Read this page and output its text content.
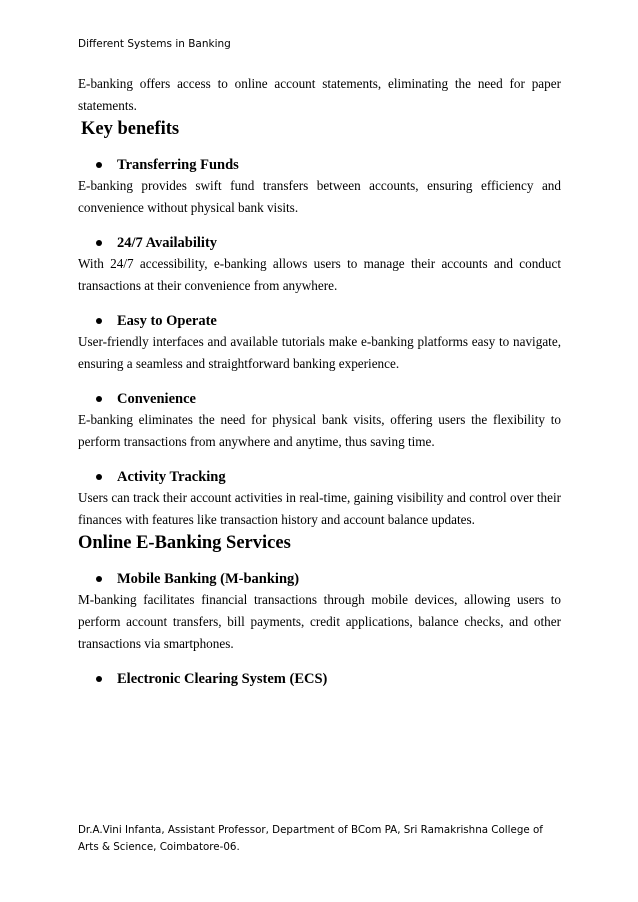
Different Systems in Banking

E-banking offers access to online account statements, eliminating the need for paper statements.

Key benefits
Transferring Funds

E-banking provides swift fund transfers between accounts, ensuring efficiency and convenience without physical bank visits.

24/7 Availability

With 24/7 accessibility, e-banking allows users to manage their accounts and conduct transactions at their convenience from anywhere.

Easy to Operate

User-friendly interfaces and available tutorials make e-banking platforms easy to navigate, ensuring a seamless and straightforward banking experience.

Convenience

E-banking eliminates the need for physical bank visits, offering users the flexibility to perform transactions from anywhere and anytime, thus saving time.

Activity Tracking

Users can track their account activities in real-time, gaining visibility and control over their finances with features like transaction history and account balance updates.

Online E-Banking Services
Mobile Banking (M-banking)

M-banking facilitates financial transactions through mobile devices, allowing users to perform account transfers, bill payments, credit applications, balance checks, and other transactions via smartphones.

Electronic Clearing System (ECS)
Dr.A.Vini Infanta, Assistant Professor, Department of BCom PA, Sri Ramakrishna College of Arts & Science, Coimbatore-06.
